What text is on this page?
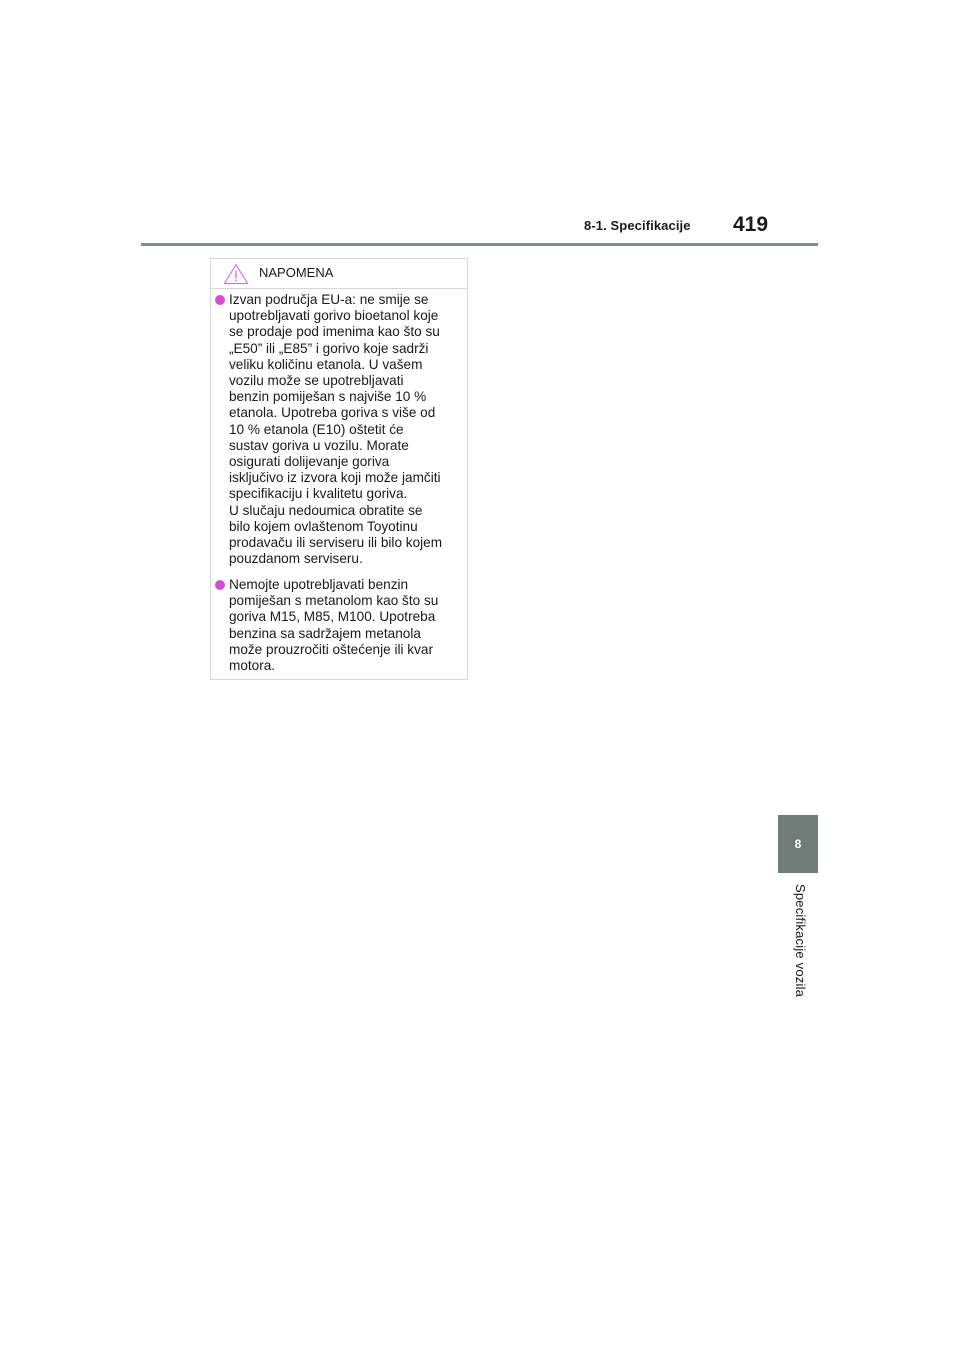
8-1. Specifikacije 419
8
Specifikacije vozila
NAPOMENA
Izvan područja EU-a: ne smije se
upotrebljavati gorivo bioetanol koje
se prodaje pod imenima kao što su
„E50” ili „E85” i gorivo koje sadrži
veliku količinu etanola. U vašem
vozilu može se upotrebljavati
benzin pomiješan s najviše 10 %
etanola. Upotreba goriva s više od
10 % etanola (E10) oštetit će
sustav goriva u vozilu. Morate
osigurati dolijevanje goriva
isključivo iz izvora koji može jamčiti
specifikaciju i kvalitetu goriva.
U slučaju nedoumica obratite se
bilo kojem ovlaštenom Toyotinu
prodavaču ili serviseru ili bilo kojem
pouzdanom serviseru.
Nemojte upotrebljavati benzin
pomiješan s metanolom kao što su
goriva M15, M85, M100. Upotreba
benzina sa sadržajem metanola
može prouzročiti oštećenje ili kvar
motora.
